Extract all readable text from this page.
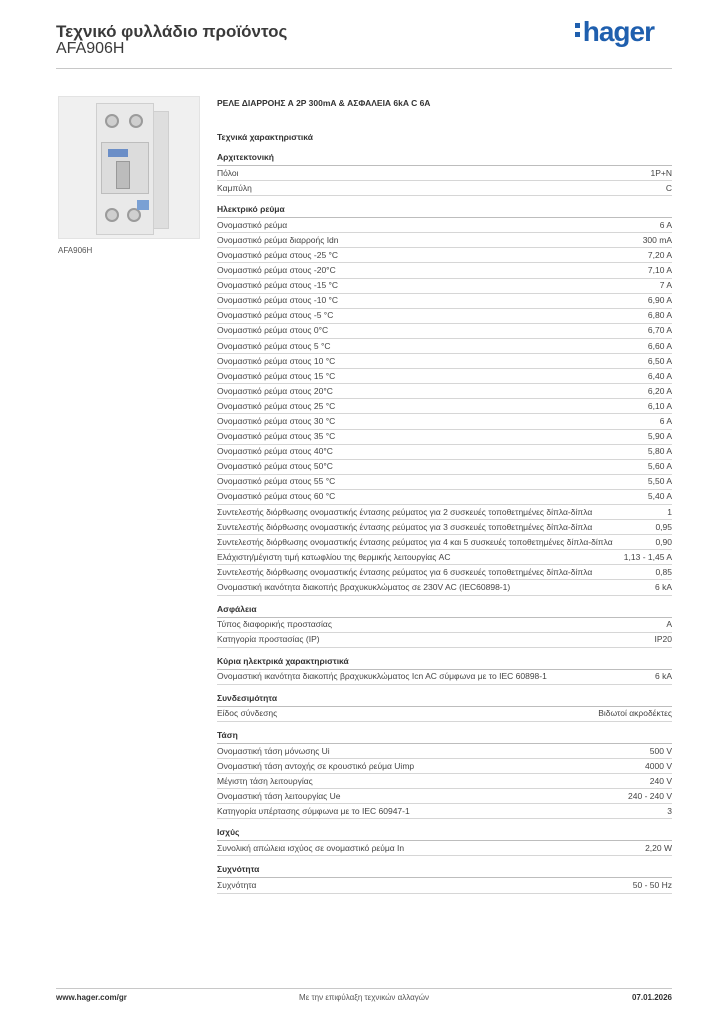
Τεχνικό φυλλάδιο προϊόντος
AFA906H
hager
AFA906H
ΡΕΛΕ ΔΙΑΡΡΟΗΣ Α 2P 300mA & ΑΣΦΑΛΕΙΑ 6kA C 6A
Τεχνικά χαρακτηριστικά
Αρχιτεκτονική
Πόλοι	1P+N
Καμπύλη	C
Ηλεκτρικό ρεύμα
Ονομαστικό ρεύμα	6 A
Ονομαστικό ρεύμα διαρροής Idn	300 mA
Ονομαστικό ρεύμα στους -25 °C	7,20 A
Ονομαστικό ρεύμα στους -20°C	7,10 A
Ονομαστικό ρεύμα στους -15 °C	7 A
Ονομαστικό ρεύμα στους -10 °C	6,90 A
Ονομαστικό ρεύμα στους -5 °C	6,80 A
Ονομαστικό ρεύμα στους 0°C	6,70 A
Ονομαστικό ρεύμα στους 5 °C	6,60 A
Ονομαστικό ρεύμα στους 10 °C	6,50 A
Ονομαστικό ρεύμα στους 15 °C	6,40 A
Ονομαστικό ρεύμα στους 20°C	6,20 A
Ονομαστικό ρεύμα στους 25 °C	6,10 A
Ονομαστικό ρεύμα στους 30 °C	6 A
Ονομαστικό ρεύμα στους 35 °C	5,90 A
Ονομαστικό ρεύμα στους 40°C	5,80 A
Ονομαστικό ρεύμα στους 50°C	5,60 A
Ονομαστικό ρεύμα στους 55 °C	5,50 A
Ονομαστικό ρεύμα στους 60 °C	5,40 A
Συντελεστής διόρθωσης ονομαστικής έντασης ρεύματος για 2 συσκευές τοποθετημένες δίπλα-δίπλα	1
Συντελεστής διόρθωσης ονομαστικής έντασης ρεύματος για 3 συσκευές τοποθετημένες δίπλα-δίπλα	0,95
Συντελεστής διόρθωσης ονομαστικής έντασης ρεύματος για 4 και 5 συσκευές τοποθετημένες δίπλα-δίπλα	0,90
Ελάχιστη/μέγιστη τιμή κατωφλίου της θερμικής λειτουργίας AC	1,13 - 1,45 A
Συντελεστής διόρθωσης ονομαστικής έντασης ρεύματος για 6 συσκευές τοποθετημένες δίπλα-δίπλα	0,85
Ονομαστική ικανότητα διακοπής βραχυκυκλώματος σε 230V AC (IEC60898-1)	6 kA
Ασφάλεια
Τύπος διαφορικής προστασίας	A
Κατηγορία προστασίας (IP)	IP20
Κύρια ηλεκτρικά χαρακτηριστικά
Ονομαστική ικανότητα διακοπής βραχυκυκλώματος Icn AC σύμφωνα με το IEC 60898-1	6 kA
Συνδεσιμότητα
Είδος σύνδεσης	Βιδωτοί ακροδέκτες
Τάση
Ονομαστική τάση μόνωσης Ui	500 V
Ονομαστική τάση αντοχής σε κρουστικό ρεύμα Uimp	4000 V
Μέγιστη τάση λειτουργίας	240 V
Ονομαστική τάση λειτουργίας Ue	240 - 240 V
Κατηγορία υπέρτασης σύμφωνα με το IEC 60947-1	3
Ισχύς
Συνολική απώλεια ισχύος σε ονομαστικό ρεύμα In	2,20 W
Συχνότητα
Συχνότητα	50 - 50 Hz
www.hager.com/gr	Με την επιφύλαξη τεχνικών αλλαγών	07.01.2026
